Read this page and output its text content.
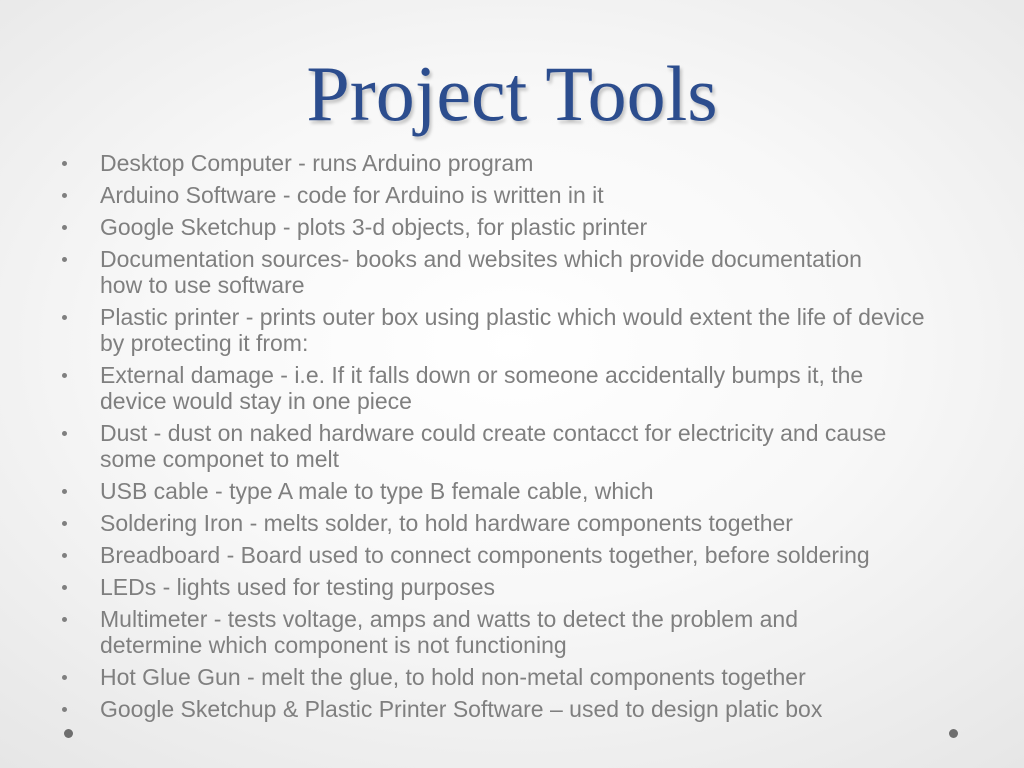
Project Tools
Desktop Computer - runs Arduino program
Arduino Software - code for Arduino is written in it
Google Sketchup - plots 3-d objects, for plastic printer
Documentation sources- books and websites which provide documentation
how to use software
Plastic printer - prints outer box using plastic which would extent the life of device
by protecting it from:
External damage - i.e. If it falls down or someone accidentally bumps it, the
device would stay in one piece
Dust - dust on naked hardware could create contacct for electricity and cause
some componet to melt
USB cable - type A male to type B female cable, which
Soldering Iron - melts solder, to hold hardware components together
Breadboard - Board used to connect components together, before soldering
LEDs - lights used for testing purposes
Multimeter - tests voltage, amps and watts to detect the problem and
determine which component is not functioning
Hot Glue Gun - melt the glue, to hold non-metal components together
Google Sketchup & Plastic Printer Software – used to design platic box
